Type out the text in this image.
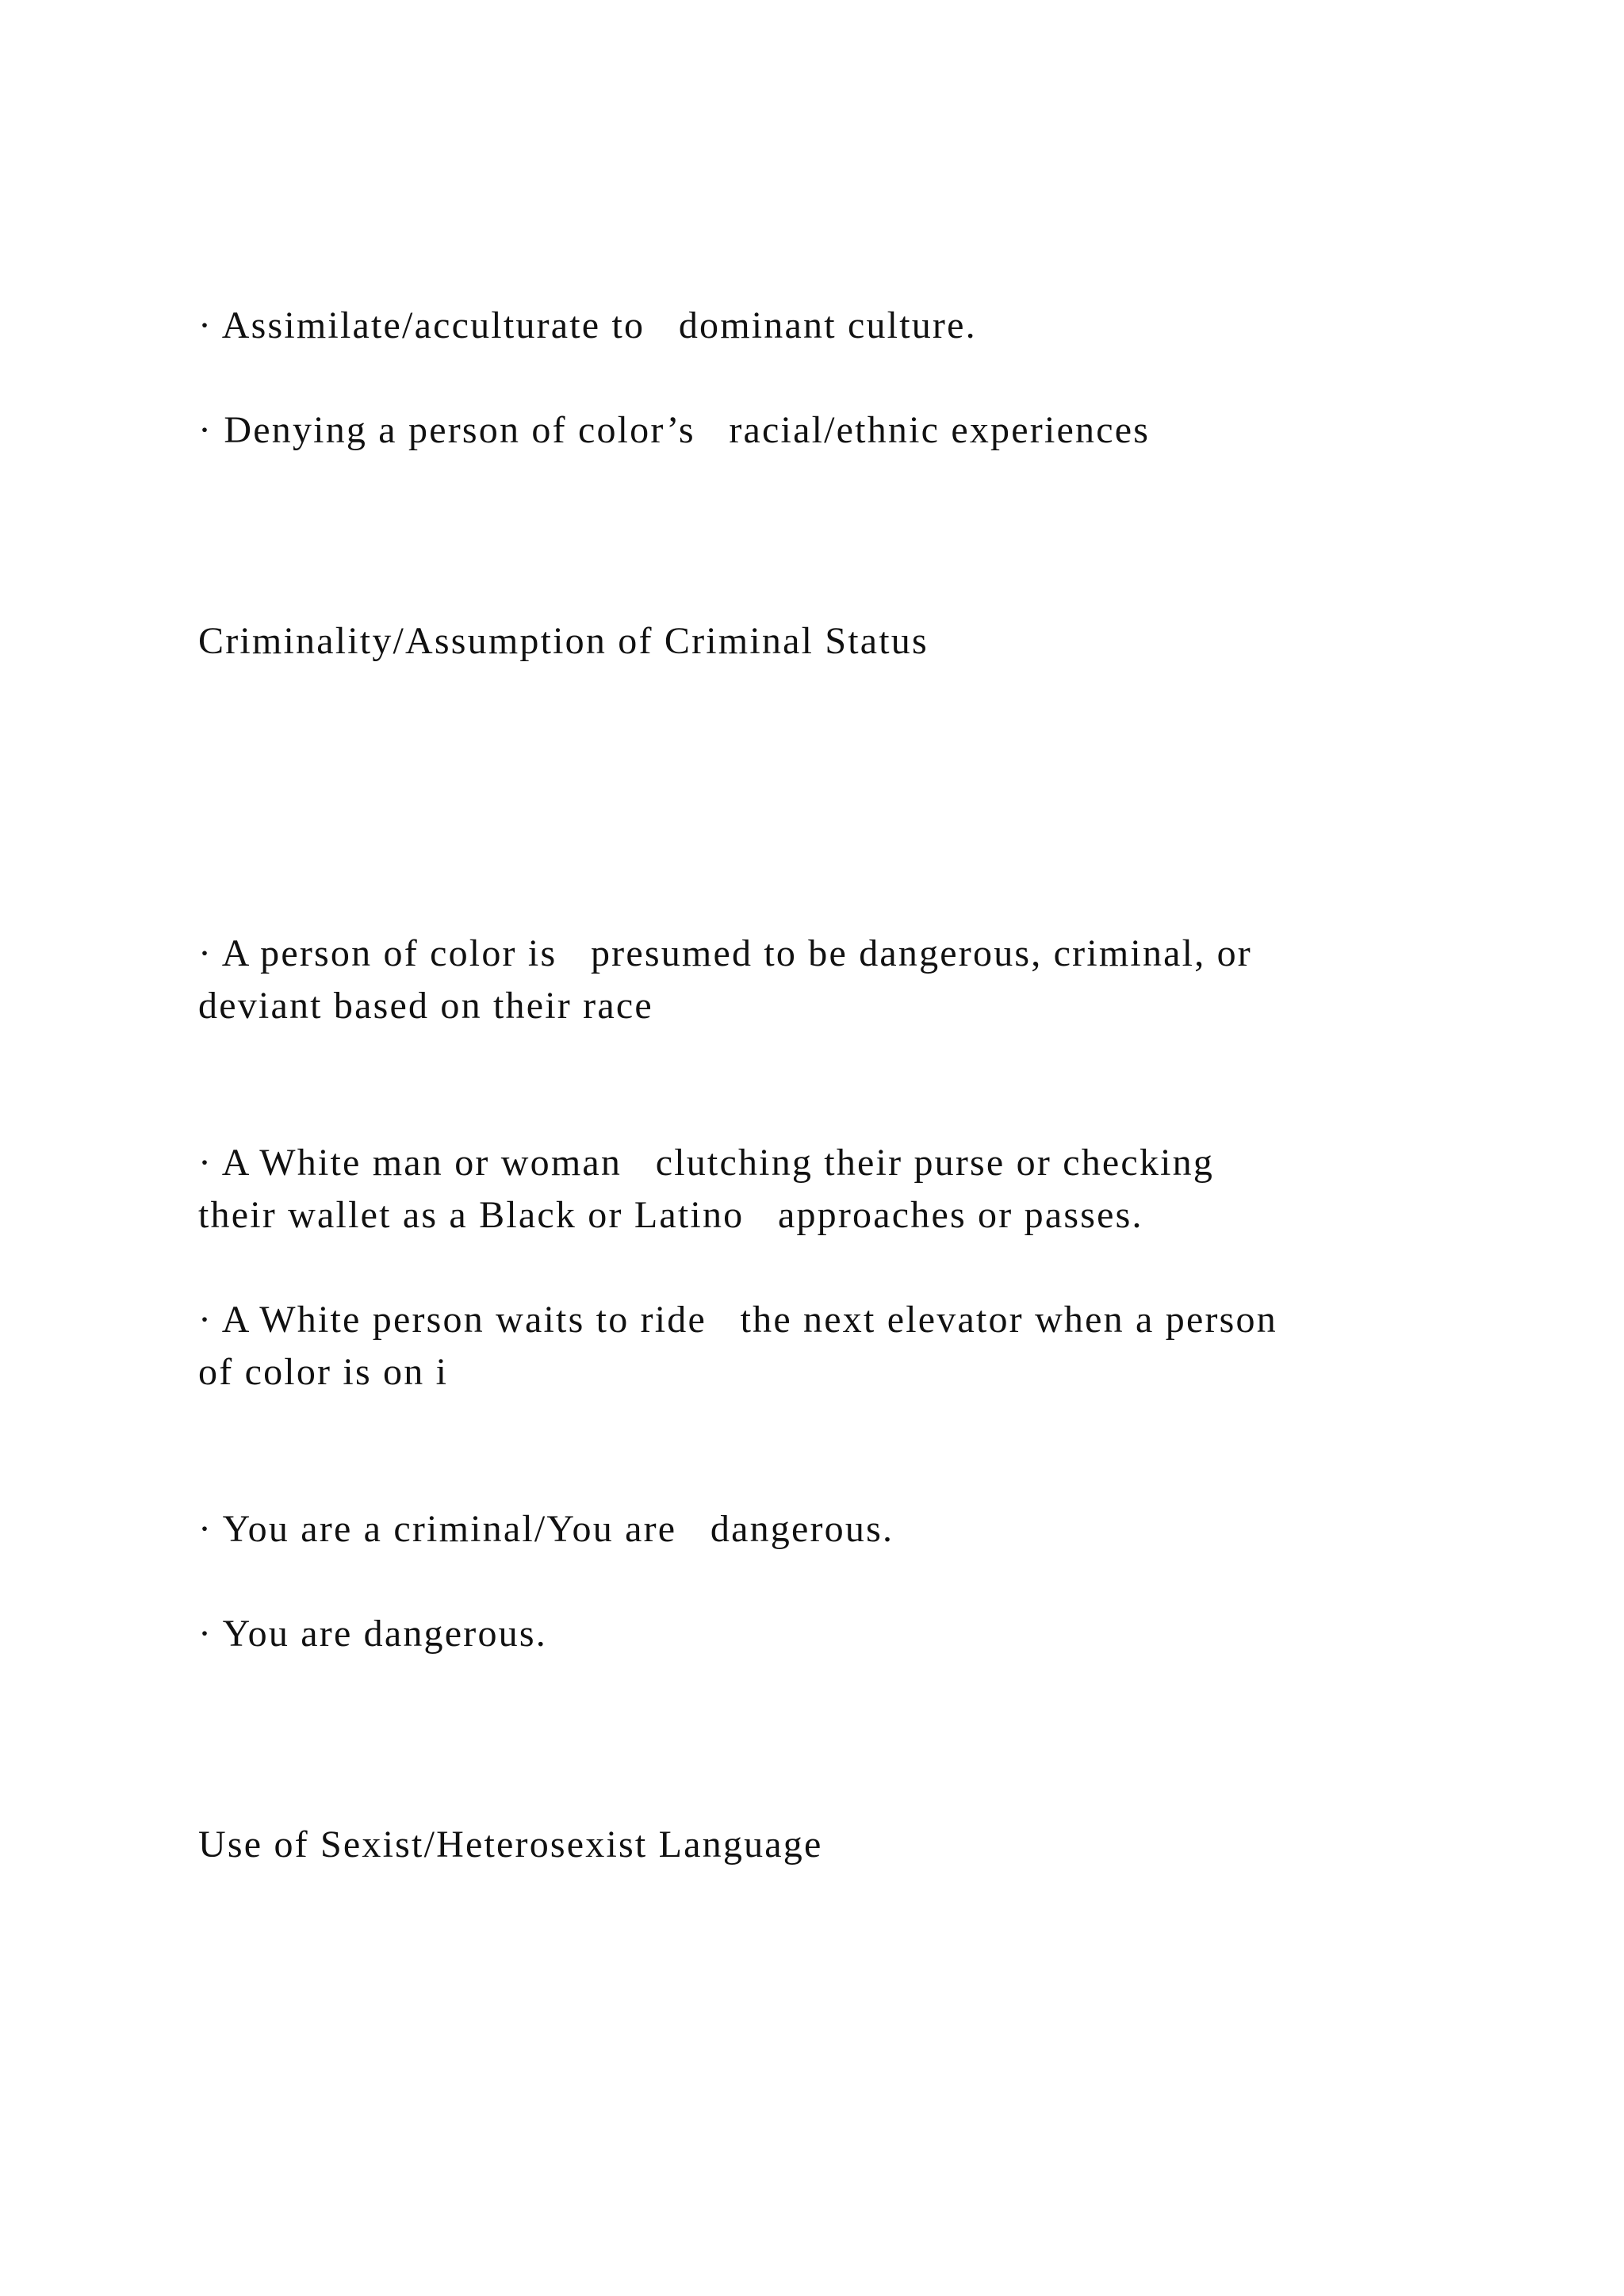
· Assimilate/acculturate to   dominant culture.

· Denying a person of color’s   racial/ethnic experiences

Criminality/Assumption of Criminal Status

· A person of color is   presumed to be dangerous, criminal, or

deviant based on their race

· A White man or woman   clutching their purse or checking

their wallet as a Black or Latino   approaches or passes.

· A White person waits to ride   the next elevator when a person

of color is on i

· You are a criminal/You are   dangerous.

· You are dangerous.

Use of Sexist/Heterosexist Language
